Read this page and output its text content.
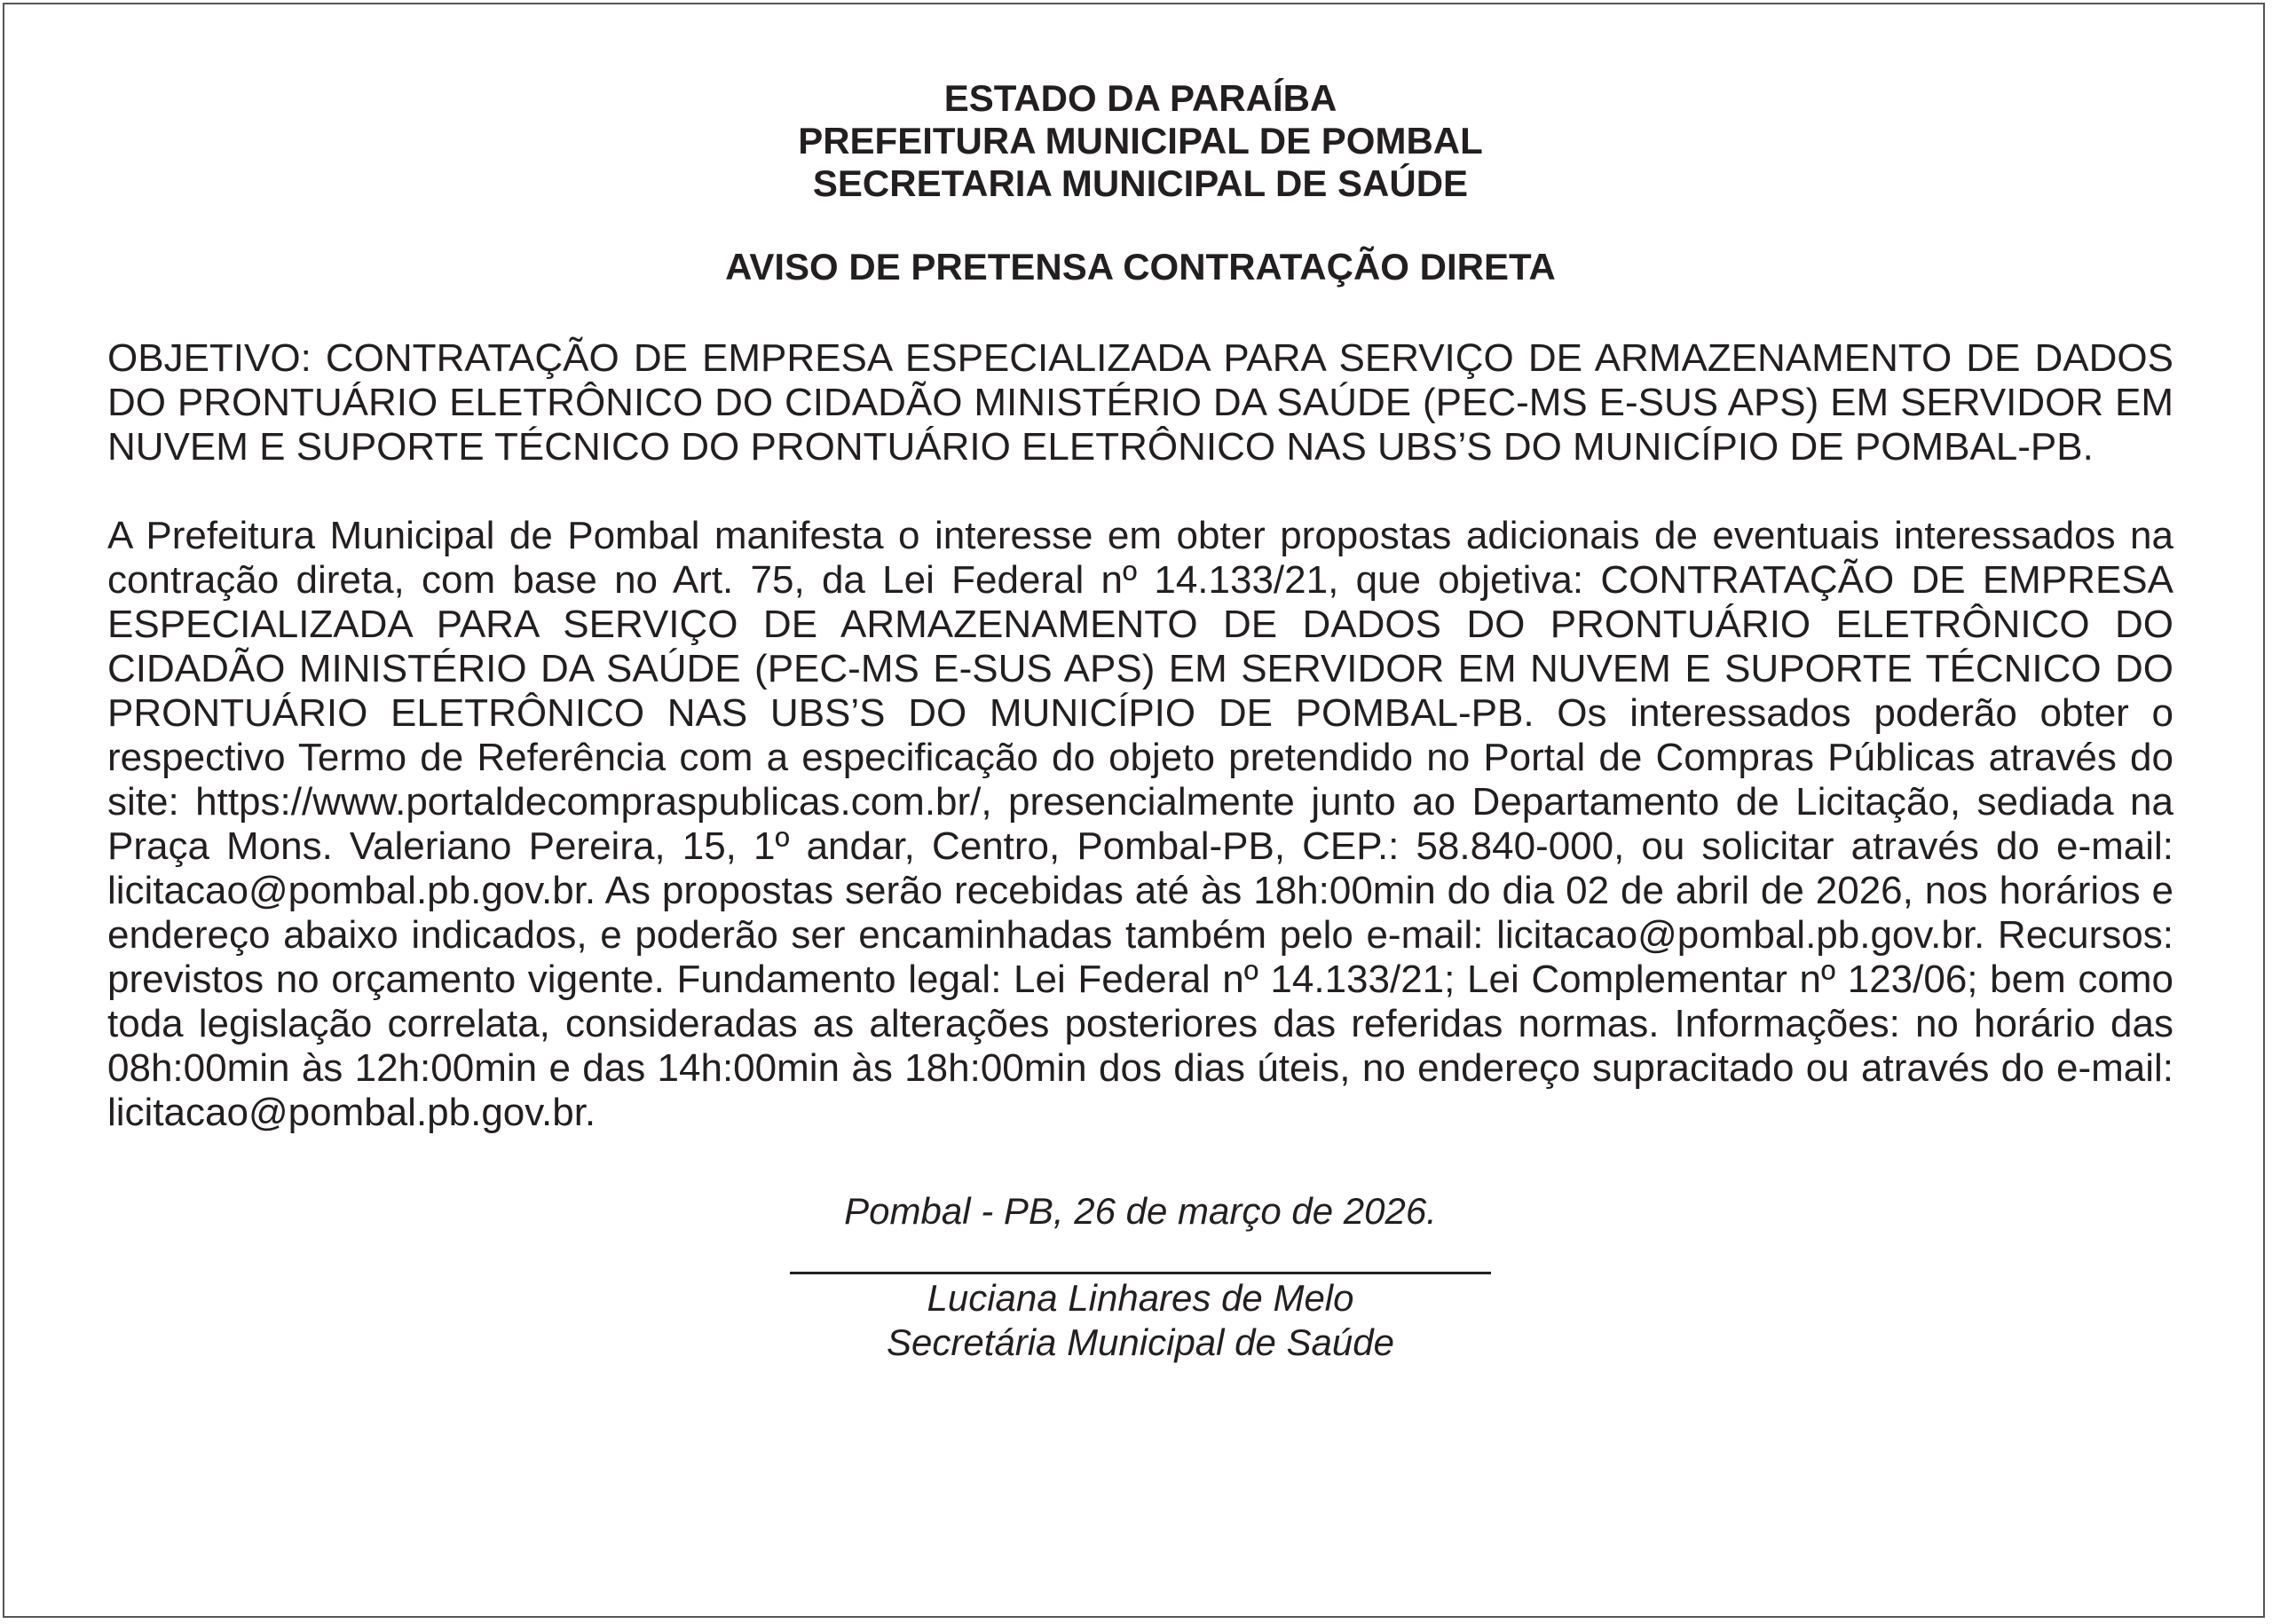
ESTADO DA PARAÍBA

PREFEITURA MUNICIPAL DE POMBAL

SECRETARIA MUNICIPAL DE SAÚDE

AVISO DE PRETENSA CONTRATAÇÃO DIRETA

OBJETIVO: CONTRATAÇÃO DE EMPRESA ESPECIALIZADA PARA SERVIÇO DE ARMAZENAMENTO DE DADOS DO PRONTUÁRIO ELETRÔNICO DO CIDADÃO MINISTÉRIO DA SAÚDE (PEC-MS E-SUS APS) EM SERVIDOR EM NUVEM E SUPORTE TÉCNICO DO PRONTUÁRIO ELETRÔNICO NAS UBS’S DO MUNICÍPIO DE POMBAL-PB.

A Prefeitura Municipal de Pombal manifesta o interesse em obter propostas adicionais de eventuais interessados na contração direta, com base no Art. 75, da Lei Federal nº 14.133/21, que objetiva: CONTRATAÇÃO DE EMPRESA ESPECIALIZADA PARA SERVIÇO DE ARMAZENAMENTO DE DADOS DO PRONTUÁRIO ELETRÔNICO DO CIDADÃO MINISTÉRIO DA SAÚDE (PEC-MS E-SUS APS) EM SERVIDOR EM NUVEM E SUPORTE TÉCNICO DO PRONTUÁRIO ELETRÔNICO NAS UBS’S DO MUNICÍPIO DE POMBAL-PB. Os interessados poderão obter o respectivo Termo de Referência com a especificação do objeto pretendido no Portal de Compras Públicas através do site: https://www.portaldecompraspublicas.com.br/, presencialmente junto ao Departamento de Licitação, sediada na Praça Mons. Valeriano Pereira, 15, 1º andar, Centro, Pombal-PB, CEP.: 58.840-000, ou solicitar através do e-mail: licitacao@pombal.pb.gov.br. As propostas serão recebidas até às 18h:00min do dia 02 de abril de 2026, nos horários e endereço abaixo indicados, e poderão ser encaminhadas também pelo e-mail: licitacao@pombal.pb.gov.br. Recursos: previstos no orçamento vigente. Fundamento legal: Lei Federal nº 14.133/21; Lei Complementar nº 123/06; bem como toda legislação correlata, consideradas as alterações posteriores das referidas normas. Informações: no horário das 08h:00min às 12h:00min e das 14h:00min às 18h:00min dos dias úteis, no endereço supracitado ou através do e-mail: licitacao@pombal.pb.gov.br.

Pombal - PB, 26 de março de 2026.

Luciana Linhares de Melo

Secretária Municipal de Saúde
